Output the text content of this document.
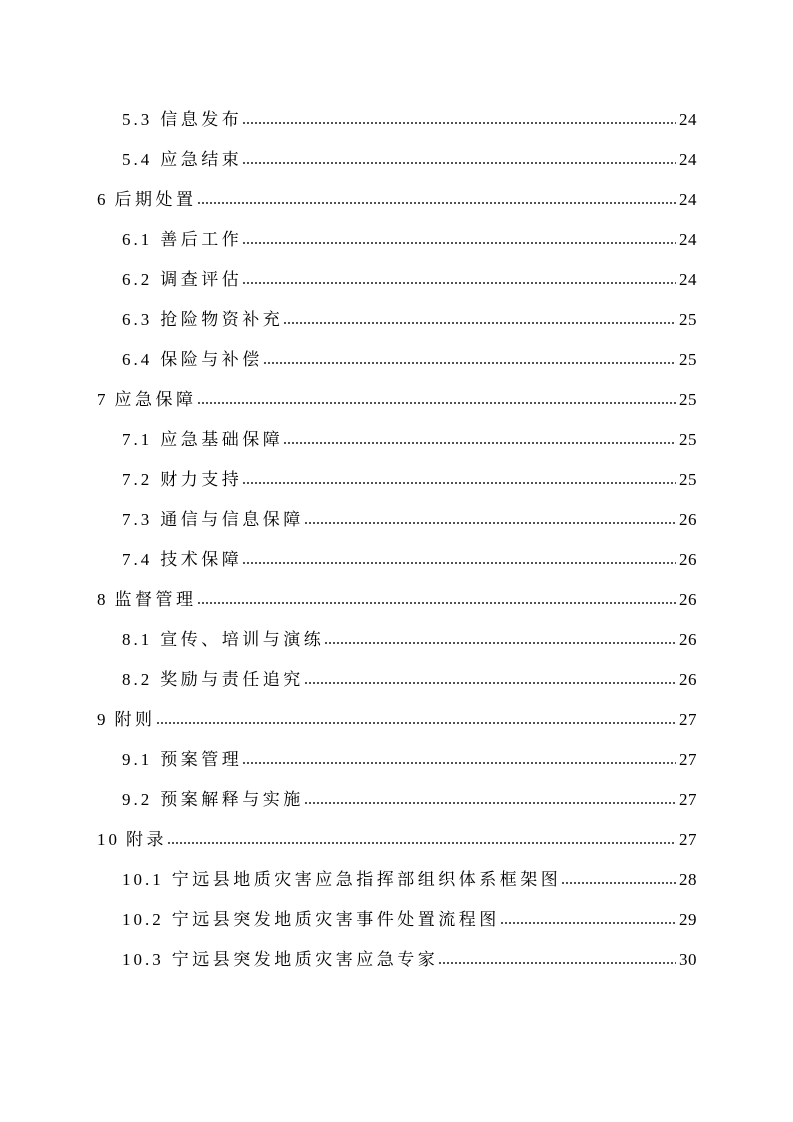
5.3 信息发布	24
5.4 应急结束	24
6 后期处置	24
6.1 善后工作	24
6.2 调查评估	24
6.3 抢险物资补充	25
6.4 保险与补偿	25
7 应急保障	25
7.1 应急基础保障	25
7.2 财力支持	25
7.3 通信与信息保障	26
7.4 技术保障	26
8 监督管理	26
8.1 宣传、培训与演练	26
8.2 奖励与责任追究	26
9 附则	27
9.1 预案管理	27
9.2 预案解释与实施	27
10 附录	27
10.1 宁远县地质灾害应急指挥部组织体系框架图	28
10.2 宁远县突发地质灾害事件处置流程图	29
10.3 宁远县突发地质灾害应急专家	30
